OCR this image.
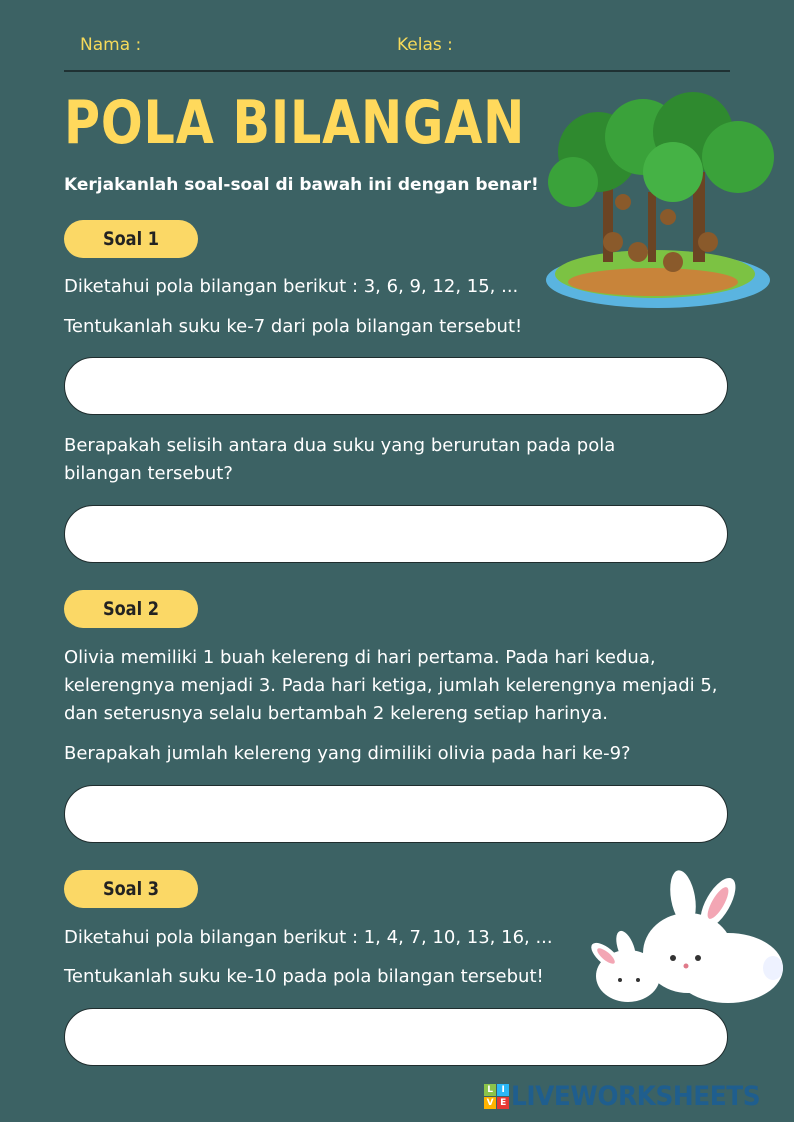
Nama :	Kelas :
POLA BILANGAN
Kerjakanlah soal-soal di bawah ini dengan benar!
Soal 1
Diketahui pola bilangan berikut : 3, 6, 9, 12, 15, ...
Tentukanlah suku ke-7 dari pola bilangan tersebut!
Berapakah selisih antara dua suku yang berurutan pada pola bilangan tersebut?
Soal 2
Olivia memiliki 1 buah kelereng di hari pertama. Pada hari kedua, kelerengnya menjadi 3. Pada hari ketiga, jumlah kelerengnya menjadi 5, dan seterusnya selalu bertambah 2 kelereng setiap harinya.
Berapakah jumlah kelereng yang dimiliki olivia pada hari ke-9?
Soal 3
Diketahui pola bilangan berikut : 1, 4, 7, 10, 13, 16, ...
Tentukanlah suku ke-10 pada pola bilangan tersebut!
L I
V E LIVEWORKSHEETS
